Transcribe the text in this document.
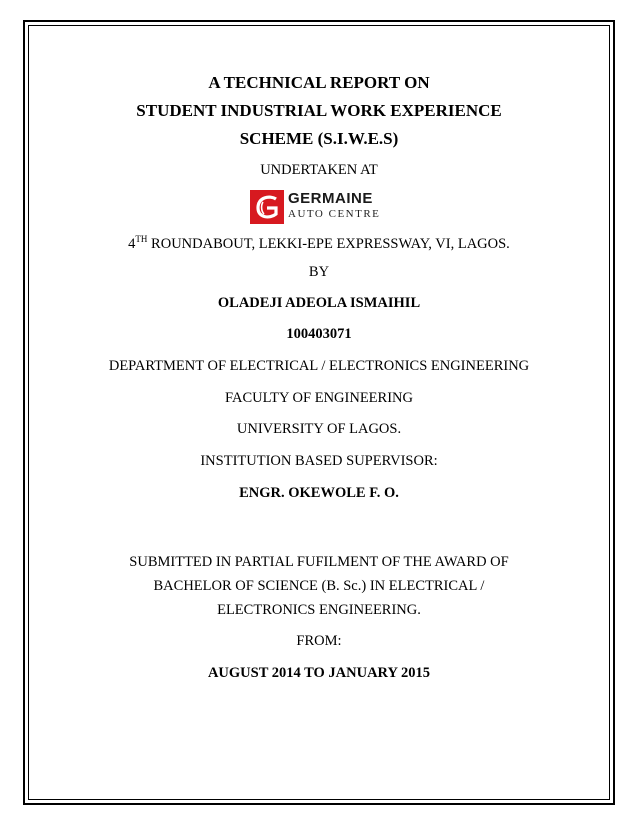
A TECHNICAL REPORT ON
STUDENT INDUSTRIAL WORK EXPERIENCE
SCHEME (S.I.W.E.S)
UNDERTAKEN AT
GERMAINE
AUTO CENTRE
4TH ROUNDABOUT, LEKKI-EPE EXPRESSWAY, VI, LAGOS.
BY
OLADEJI ADEOLA ISMAIHIL
100403071
DEPARTMENT OF ELECTRICAL / ELECTRONICS ENGINEERING
FACULTY OF ENGINEERING
UNIVERSITY OF LAGOS.
INSTITUTION BASED SUPERVISOR:
ENGR. OKEWOLE F. O.
SUBMITTED IN PARTIAL FUFILMENT OF THE AWARD OF
BACHELOR OF SCIENCE (B. Sc.) IN ELECTRICAL /
ELECTRONICS ENGINEERING.
FROM:
AUGUST 2014 TO JANUARY 2015
